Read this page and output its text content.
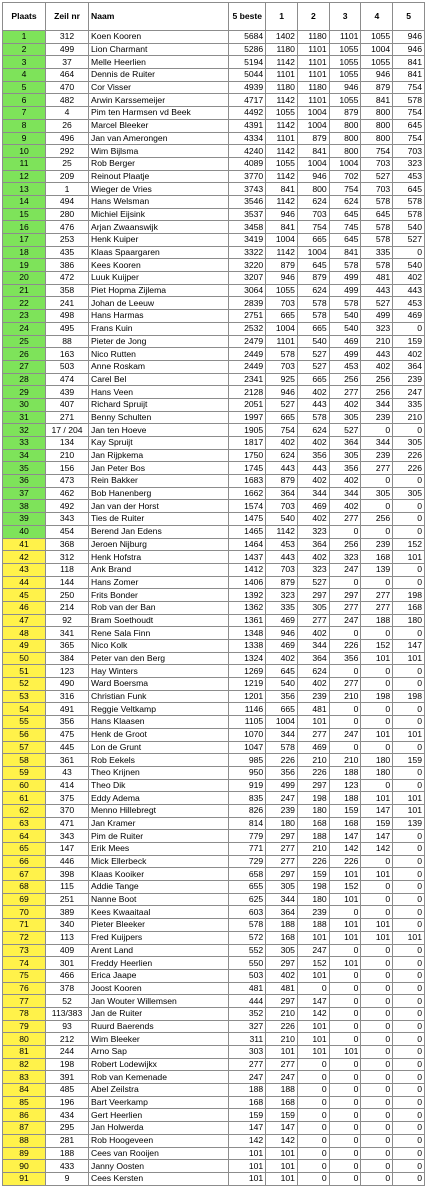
Plaats	Zeil nr	Naam	5 beste	1	2	3	4	5
1	312	Koen Kooren	5684	1402	1180	1101	1055	946
2	499	Lion Charmant	5286	1180	1101	1055	1004	946
3	37	Melle Heerlien	5194	1142	1101	1055	1055	841
4	464	Dennis de Ruiter	5044	1101	1101	1055	946	841
5	470	Cor Visser	4939	1180	1180	946	879	754
6	482	Arwin Karssemeijer	4717	1142	1101	1055	841	578
7	4	Pim ten Harmsen vd Beek	4492	1055	1004	879	800	754
8	26	Marcel Bleeker	4391	1142	1004	800	800	645
9	496	Jan van Amerongen	4334	1101	879	800	800	754
10	292	Wim Bijlsma	4240	1142	841	800	754	703
11	25	Rob Berger	4089	1055	1004	1004	703	323
12	209	Reinout Plaatje	3770	1142	946	702	527	453
13	1	Wieger de Vries	3743	841	800	754	703	645
14	494	Hans Welsman	3546	1142	624	624	578	578
15	280	Michiel Eijsink	3537	946	703	645	645	578
16	476	Arjan Zwaanswijk	3458	841	754	745	578	540
17	253	Henk Kuiper	3419	1004	665	645	578	527
18	435	Klaas Spaargaren	3322	1142	1004	841	335	0
19	386	Kees Kooren	3220	879	645	578	578	540
20	472	Luuk Kuijper	3207	946	879	499	481	402
21	358	Piet Hopma Zijlema	3064	1055	624	499	443	443
22	241	Johan de Leeuw	2839	703	578	578	527	453
23	498	Hans Harmas	2751	665	578	540	499	469
24	495	Frans Kuin	2532	1004	665	540	323	0
25	88	Pieter de Jong	2479	1101	540	469	210	159
26	163	Nico Rutten	2449	578	527	499	443	402
27	503	Anne Roskam	2449	703	527	453	402	364
28	474	Carel Bel	2341	925	665	256	256	239
29	439	Hans Veen	2128	946	402	277	256	247
30	407	Richard Spruijt	2051	527	443	402	344	335
31	271	Benny Schulten	1997	665	578	305	239	210
32	17 / 204	Jan ten Hoeve	1905	754	624	527	0	0
33	134	Kay Spruijt	1817	402	402	364	344	305
34	210	Jan Rijpkema	1750	624	356	305	239	226
35	156	Jan Peter Bos	1745	443	443	356	277	226
36	473	Rein Bakker	1683	879	402	402	0	0
37	462	Bob Hanenberg	1662	364	344	344	305	305
38	492	Jan van der Horst	1574	703	469	402	0	0
39	343	Ties de Ruiter	1475	540	402	277	256	0
40	454	Berend Jan Edens	1465	1142	323	0	0	0
41	368	Jeroen Nijburg	1464	453	364	256	239	152
42	312	Henk Hofstra	1437	443	402	323	168	101
43	118	Ank Brand	1412	703	323	247	139	0
44	144	Hans Zomer	1406	879	527	0	0	0
45	250	Frits Bonder	1392	323	297	297	277	198
46	214	Rob van der Ban	1362	335	305	277	277	168
47	92	Bram Soethoudt	1361	469	277	247	188	180
48	341	Rene Sala Finn	1348	946	402	0	0	0
49	365	Nico Kolk	1338	469	344	226	152	147
50	384	Peter van den Berg	1324	402	364	356	101	101
51	123	Hay Winters	1269	645	624	0	0	0
52	490	Ward Boersma	1219	540	402	277	0	0
53	316	Christian Funk	1201	356	239	210	198	198
54	491	Reggie Veltkamp	1146	665	481	0	0	0
55	356	Hans Klaasen	1105	1004	101	0	0	0
56	475	Henk de Groot	1070	344	277	247	101	101
57	445	Lon de Grunt	1047	578	469	0	0	0
58	361	Rob Eekels	985	226	210	210	180	159
59	43	Theo Krijnen	950	356	226	188	180	0
60	414	Theo Dik	919	499	297	123	0	0
61	375	Eddy Adema	835	247	198	188	101	101
62	370	Menno Hillebregt	826	239	180	159	147	101
63	471	Jan Kramer	814	180	168	168	159	139
64	343	Pim de Ruiter	779	297	188	147	147	0
65	147	Erik Mees	771	277	210	142	142	0
66	446	Mick Ellerbeck	729	277	226	226	0	0
67	398	Klaas Kooiker	658	297	159	101	101	0
68	115	Addie Tange	655	305	198	152	0	0
69	251	Nanne Boot	625	344	180	101	0	0
70	389	Kees Kwaaitaal	603	364	239	0	0	0
71	340	Pieter Bleeker	578	188	188	101	101	0
72	113	Fred Kuijpers	572	168	101	101	101	101
73	409	Arent Land	552	305	247	0	0	0
74	301	Freddy Heerlien	550	297	152	101	0	0
75	466	Erica Jaape	503	402	101	0	0	0
76	378	Joost Kooren	481	481	0	0	0	0
77	52	Jan Wouter Willemsen	444	297	147	0	0	0
78	113/383	Jan de Ruiter	352	210	142	0	0	0
79	93	Ruurd Baerends	327	226	101	0	0	0
80	212	Wim Bleeker	311	210	101	0	0	0
81	244	Arno Sap	303	101	101	101	0	0
82	198	Robert Lodewijkx	277	277	0	0	0	0
83	391	Rob van Kemenade	247	247	0	0	0	0
84	485	Abel Zeilstra	188	188	0	0	0	0
85	196	Bart Veerkamp	168	168	0	0	0	0
86	434	Gert Heerlien	159	159	0	0	0	0
87	295	Jan Holwerda	147	147	0	0	0	0
88	281	Rob Hoogeveen	142	142	0	0	0	0
89	188	Cees van Rooijen	101	101	0	0	0	0
90	433	Janny Oosten	101	101	0	0	0	0
91	9	Cees Kersten	101	101	0	0	0	0
